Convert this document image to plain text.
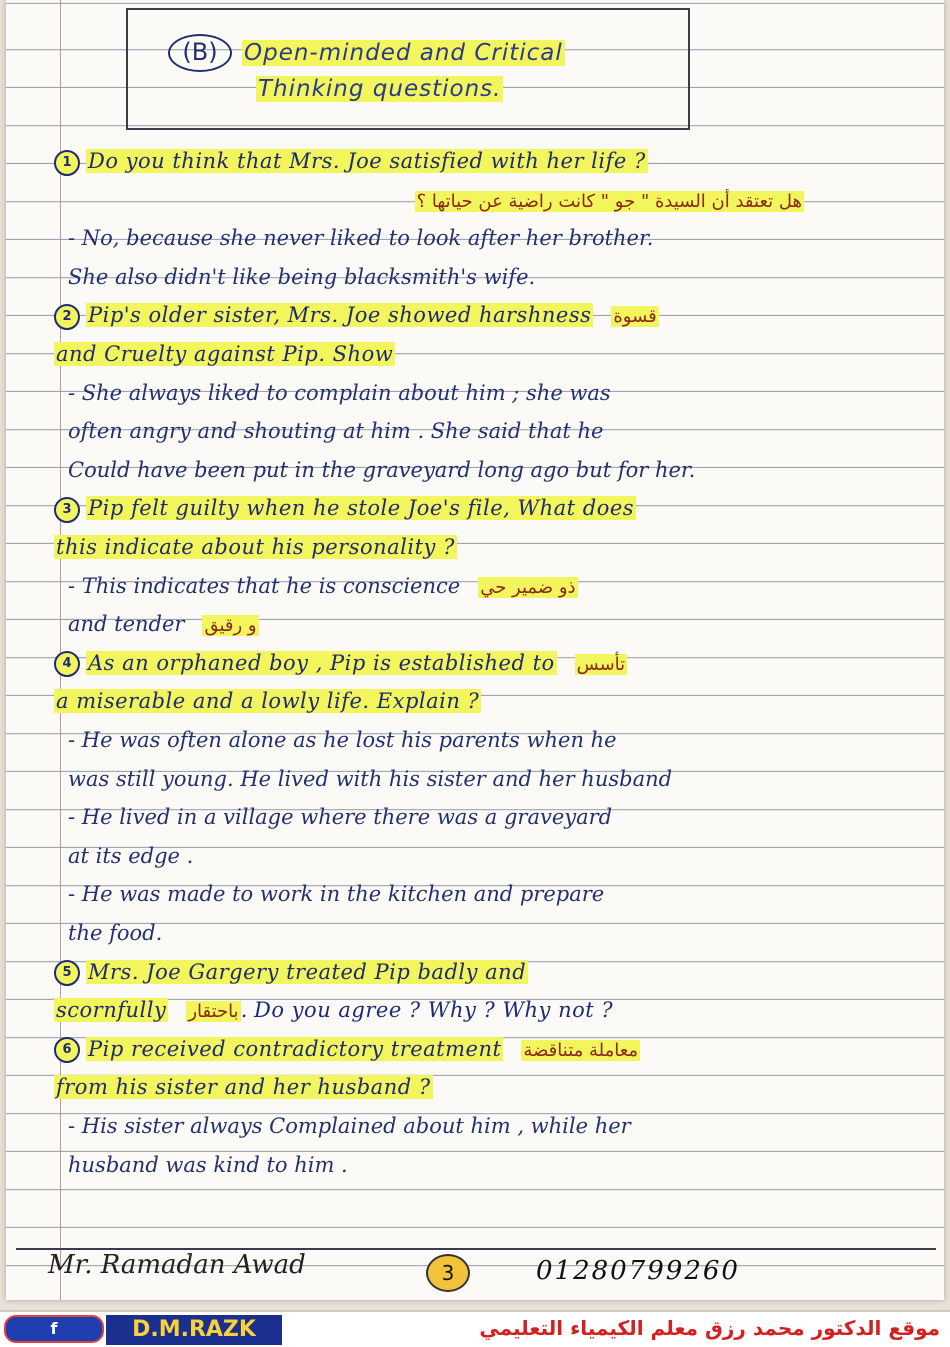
(B)	Open-minded and Critical
Thinking questions.
1 Do you think that Mrs. Joe satisfied with her life ?
هل تعتقد أن السيدة " جو " كانت راضية عن حياتها ؟
- No, because she never liked to look after her brother.
She also didn't like being blacksmith's wife.
2 Pip's older sister, Mrs. Joe showed harshness قسوة
and Cruelty against Pip. Show
- She always liked to complain about him ; she was
often angry and shouting at him . She said that he
Could have been put in the graveyard long ago but for her.
3 Pip felt guilty when he stole Joe's file, What does
this indicate about his personality ?
- This indicates that he is conscience ذو ضمير حي
and tender و رقيق
4 As an orphaned boy , Pip is established to تأسس
a miserable and a lowly life. Explain ?
- He was often alone as he lost his parents when he
was still young. He lived with his sister and her husband
- He lived in a village where there was a graveyard
at its edge .
- He was made to work in the kitchen and prepare
the food.
5 Mrs. Joe Gargery treated Pip badly and
scornfully باحتقار. Do you agree ? Why ? Why not ?
6 Pip received contradictory treatment معاملة متناقضة
from his sister and her husband ?
- His sister always Complained about him , while her
husband was kind to him .
Mr. Ramadan Awad	3	01280799260
f	D.M.RAZK	موقع الدكتور محمد رزق معلم الكيمياء التعليمي
